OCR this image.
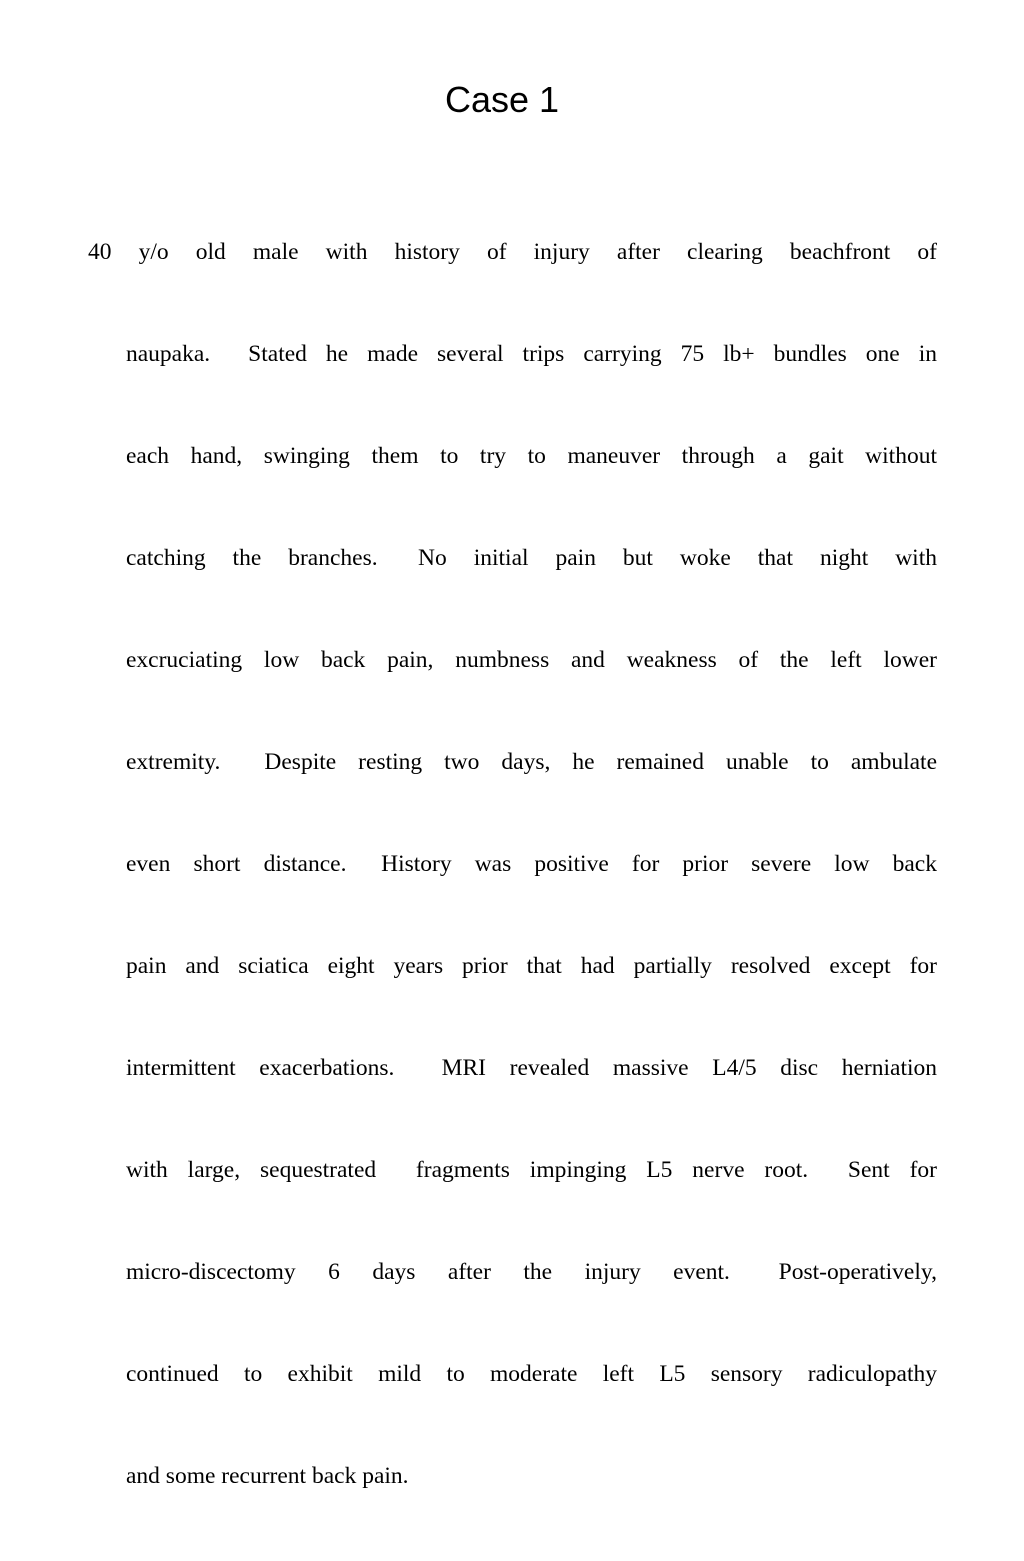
Case 1

40  y/o  old  male  with  history  of  injury  after  clearing  beachfront  of

naupaka.  Stated he made several trips carrying 75 lb+ bundles one in

each hand, swinging them to try to maneuver through a gait without

catching  the  branches.   No  initial  pain  but  woke  that  night  with

excruciating low back pain, numbness and weakness of the left lower

extremity.  Despite resting two days, he remained unable to ambulate

even  short  distance.   History  was  positive  for  prior  severe  low  back

pain and sciatica eight years prior that had partially resolved except for

intermittent exacerbations.  MRI revealed massive L4/5 disc herniation

with large, sequestrated  fragments impinging L5 nerve root.  Sent for

micro-discectomy  6  days  after  the  injury  event.   Post-operatively,

continued  to  exhibit  mild  to  moderate  left  L5  sensory  radiculopathy

and some recurrent back pain.
